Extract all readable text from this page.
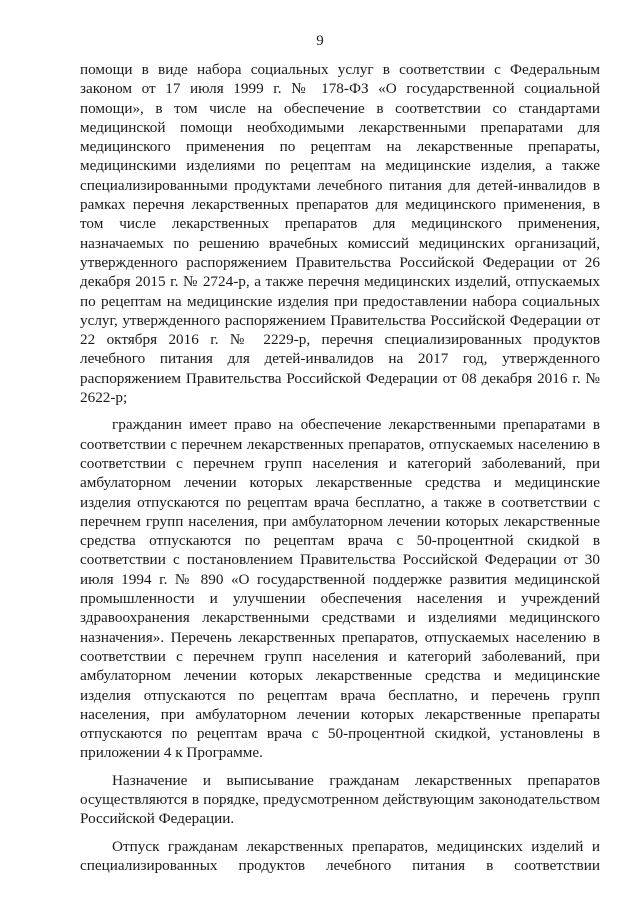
9

помощи в виде набора социальных услуг в соответствии с Федеральным законом от 17 июля 1999 г. № 178-ФЗ «О государственной социальной помощи», в том числе на обеспечение в соответствии со стандартами медицинской помощи необходимыми лекарственными препаратами для медицинского применения по рецептам на лекарственные препараты, медицинскими изделиями по рецептам на медицинские изделия, а также специализированными продуктами лечебного питания для детей-инвалидов в рамках перечня лекарственных препаратов для медицинского применения, в том числе лекарственных препаратов для медицинского применения, назначаемых по решению врачебных комиссий медицинских организаций, утвержденного распоряжением Правительства Российской Федерации от 26 декабря 2015 г. № 2724-р, а также перечня медицинских изделий, отпускаемых по рецептам на медицинские изделия при предоставлении набора социальных услуг, утвержденного распоряжением Правительства Российской Федерации от 22 октября 2016 г. № 2229-р, перечня специализированных продуктов лечебного питания для детей-инвалидов на 2017 год, утвержденного распоряжением Правительства Российской Федерации от 08 декабря 2016 г. № 2622-р;

гражданин имеет право на обеспечение лекарственными препаратами в соответствии с перечнем лекарственных препаратов, отпускаемых населению в соответствии с перечнем групп населения и категорий заболеваний, при амбулаторном лечении которых лекарственные средства и медицинские изделия отпускаются по рецептам врача бесплатно, а также в соответствии с перечнем групп населения, при амбулаторном лечении которых лекарственные средства отпускаются по рецептам врача с 50-процентной скидкой в соответствии с постановлением Правительства Российской Федерации от 30 июля 1994 г. № 890 «О государственной поддержке развития медицинской промышленности и улучшении обеспечения населения и учреждений здравоохранения лекарственными средствами и изделиями медицинского назначения». Перечень лекарственных препаратов, отпускаемых населению в соответствии с перечнем групп населения и категорий заболеваний, при амбулаторном лечении которых лекарственные средства и медицинские изделия отпускаются по рецептам врача бесплатно, и перечень групп населения, при амбулаторном лечении которых лекарственные препараты отпускаются по рецептам врача с 50-процентной скидкой, установлены в приложении 4 к Программе.

Назначение и выписывание гражданам лекарственных препаратов осуществляются в порядке, предусмотренном действующим законодательством Российской Федерации.

Отпуск гражданам лекарственных препаратов, медицинских изделий и специализированных продуктов лечебного питания в соответствии
